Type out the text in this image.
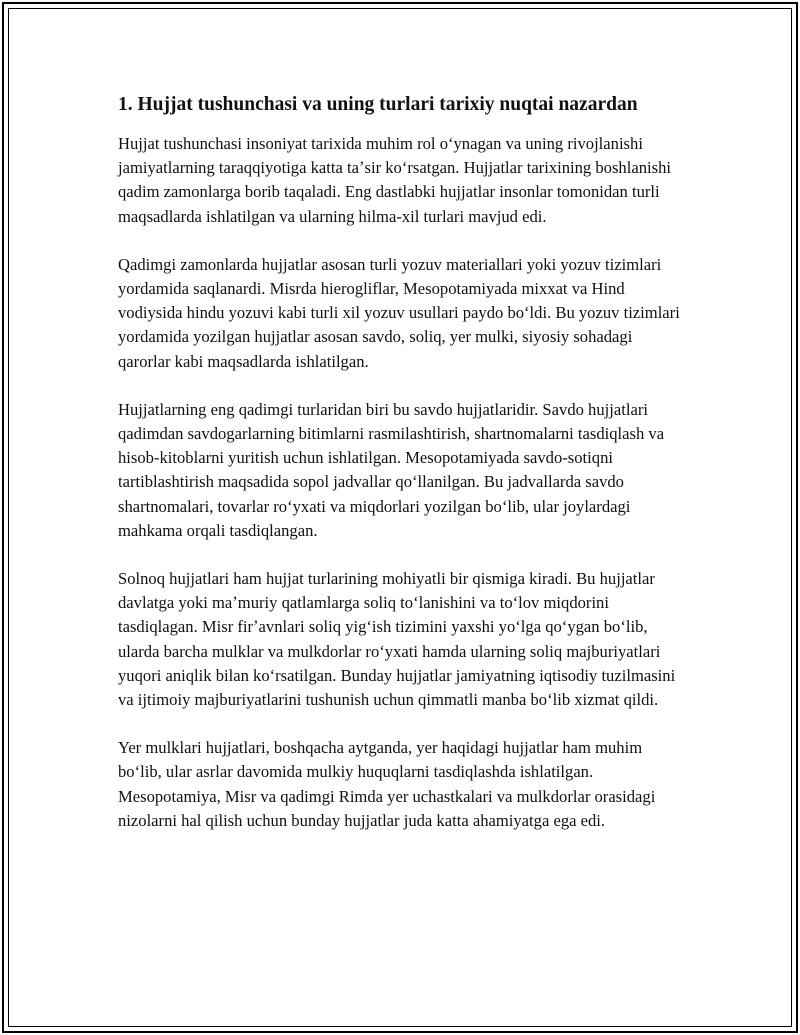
1. Hujjat tushunchasi va uning turlari tarixiy nuqtai nazardan

Hujjat tushunchasi insoniyat tarixida muhim rol oʻynagan va uning rivojlanishi jamiyatlarning taraqqiyotiga katta taʼsir koʻrsatgan. Hujjatlar tarixining boshlanishi qadim zamonlarga borib taqaladi. Eng dastlabki hujjatlar insonlar tomonidan turli maqsadlarda ishlatilgan va ularning hilma-xil turlari mavjud edi.

Qadimgi zamonlarda hujjatlar asosan turli yozuv materiallari yoki yozuv tizimlari yordamida saqlanardi. Misrda hierogliflar, Mesopotamiyada mixxat va Hind vodiysida hindu yozuvi kabi turli xil yozuv usullari paydo boʻldi. Bu yozuv tizimlari yordamida yozilgan hujjatlar asosan savdo, soliq, yer mulki, siyosiy sohadagi qarorlar kabi maqsadlarda ishlatilgan.

Hujjatlarning eng qadimgi turlaridan biri bu savdo hujjatlaridir. Savdo hujjatlari qadimdan savdogarlarning bitimlarni rasmilashtirish, shartnomalarni tasdiqlash va hisob-kitoblarni yuritish uchun ishlatilgan. Mesopotamiyada savdo-sotiqni tartiblashtirish maqsadida sopol jadvallar qoʻllanilgan. Bu jadvallarda savdo shartnomalari, tovarlar roʻyxati va miqdorlari yozilgan boʻlib, ular joylardagi mahkama orqali tasdiqlangan.

Solnoq hujjatlari ham hujjat turlarining mohiyatli bir qismiga kiradi. Bu hujjatlar davlatga yoki maʼmuriy qatlamlarga soliq toʻlanishini va toʻlov miqdorini tasdiqlagan. Misr firʼavnlari soliq yigʻish tizimini yaxshi yoʻlga qoʻygan boʻlib, ularda barcha mulklar va mulkdorlar roʻyxati hamda ularning soliq majburiyatlari yuqori aniqlik bilan koʻrsatilgan. Bunday hujjatlar jamiyatning iqtisodiy tuzilmasini va ijtimoiy majburiyatlarini tushunish uchun qimmatli manba boʻlib xizmat qildi.

Yer mulklari hujjatlari, boshqacha aytganda, yer haqidagi hujjatlar ham muhim boʻlib, ular asrlar davomida mulkiy huquqlarni tasdiqlashda ishlatilgan. Mesopotamiya, Misr va qadimgi Rimda yer uchastkalari va mulkdorlar orasidagi nizolarni hal qilish uchun bunday hujjatlar juda katta ahamiyatga ega edi.
